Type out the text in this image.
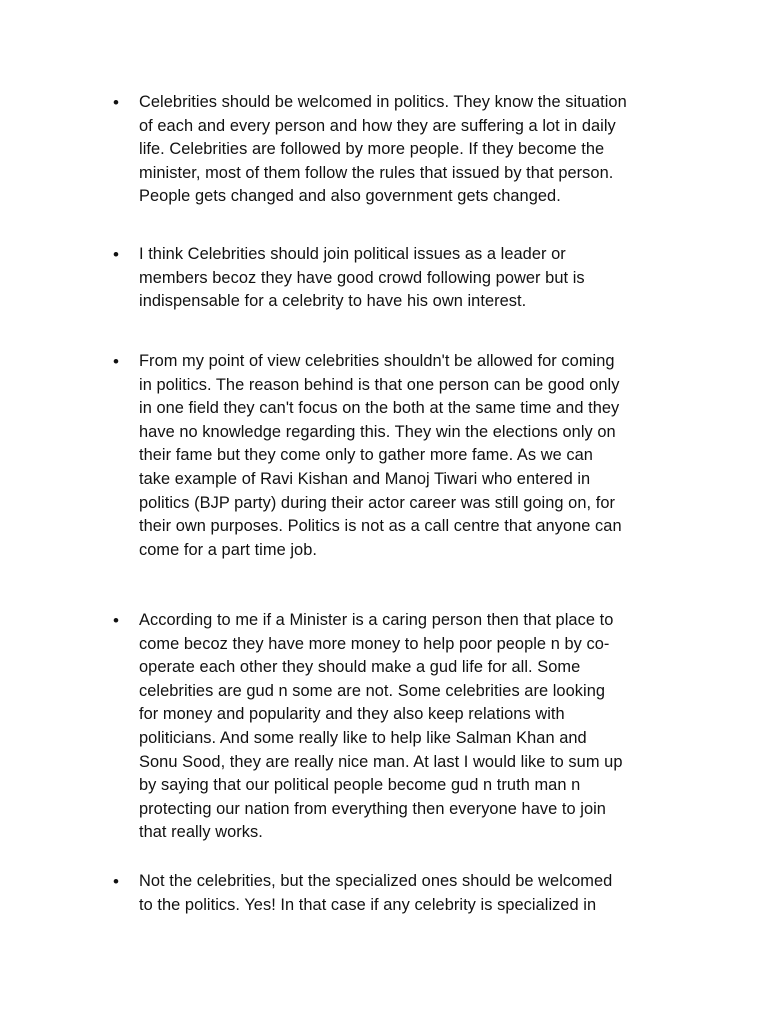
• Celebrities should be welcomed in politics. They know the situation
of each and every person and how they are suffering a lot in daily
life. Celebrities are followed by more people. If they become the
minister, most of them follow the rules that issued by that person.
People gets changed and also government gets changed.
• I think Celebrities should join political issues as a leader or
members becoz they have good crowd following power but is
indispensable for a celebrity to have his own interest.
• From my point of view celebrities shouldn't be allowed for coming
in politics. The reason behind is that one person can be good only
in one field they can't focus on the both at the same time and they
have no knowledge regarding this. They win the elections only on
their fame but they come only to gather more fame. As we can
take example of Ravi Kishan and Manoj Tiwari who entered in
politics (BJP party) during their actor career was still going on, for
their own purposes. Politics is not as a call centre that anyone can
come for a part time job.
• According to me if a Minister is a caring person then that place to
come becoz they have more money to help poor people n by co-
operate each other they should make a gud life for all. Some
celebrities are gud n some are not. Some celebrities are looking
for money and popularity and they also keep relations with
politicians. And some really like to help like Salman Khan and
Sonu Sood, they are really nice man. At last I would like to sum up
by saying that our political people become gud n truth man n
protecting our nation from everything then everyone have to join
that really works.
• Not the celebrities, but the specialized ones should be welcomed
to the politics. Yes! In that case if any celebrity is specialized in
